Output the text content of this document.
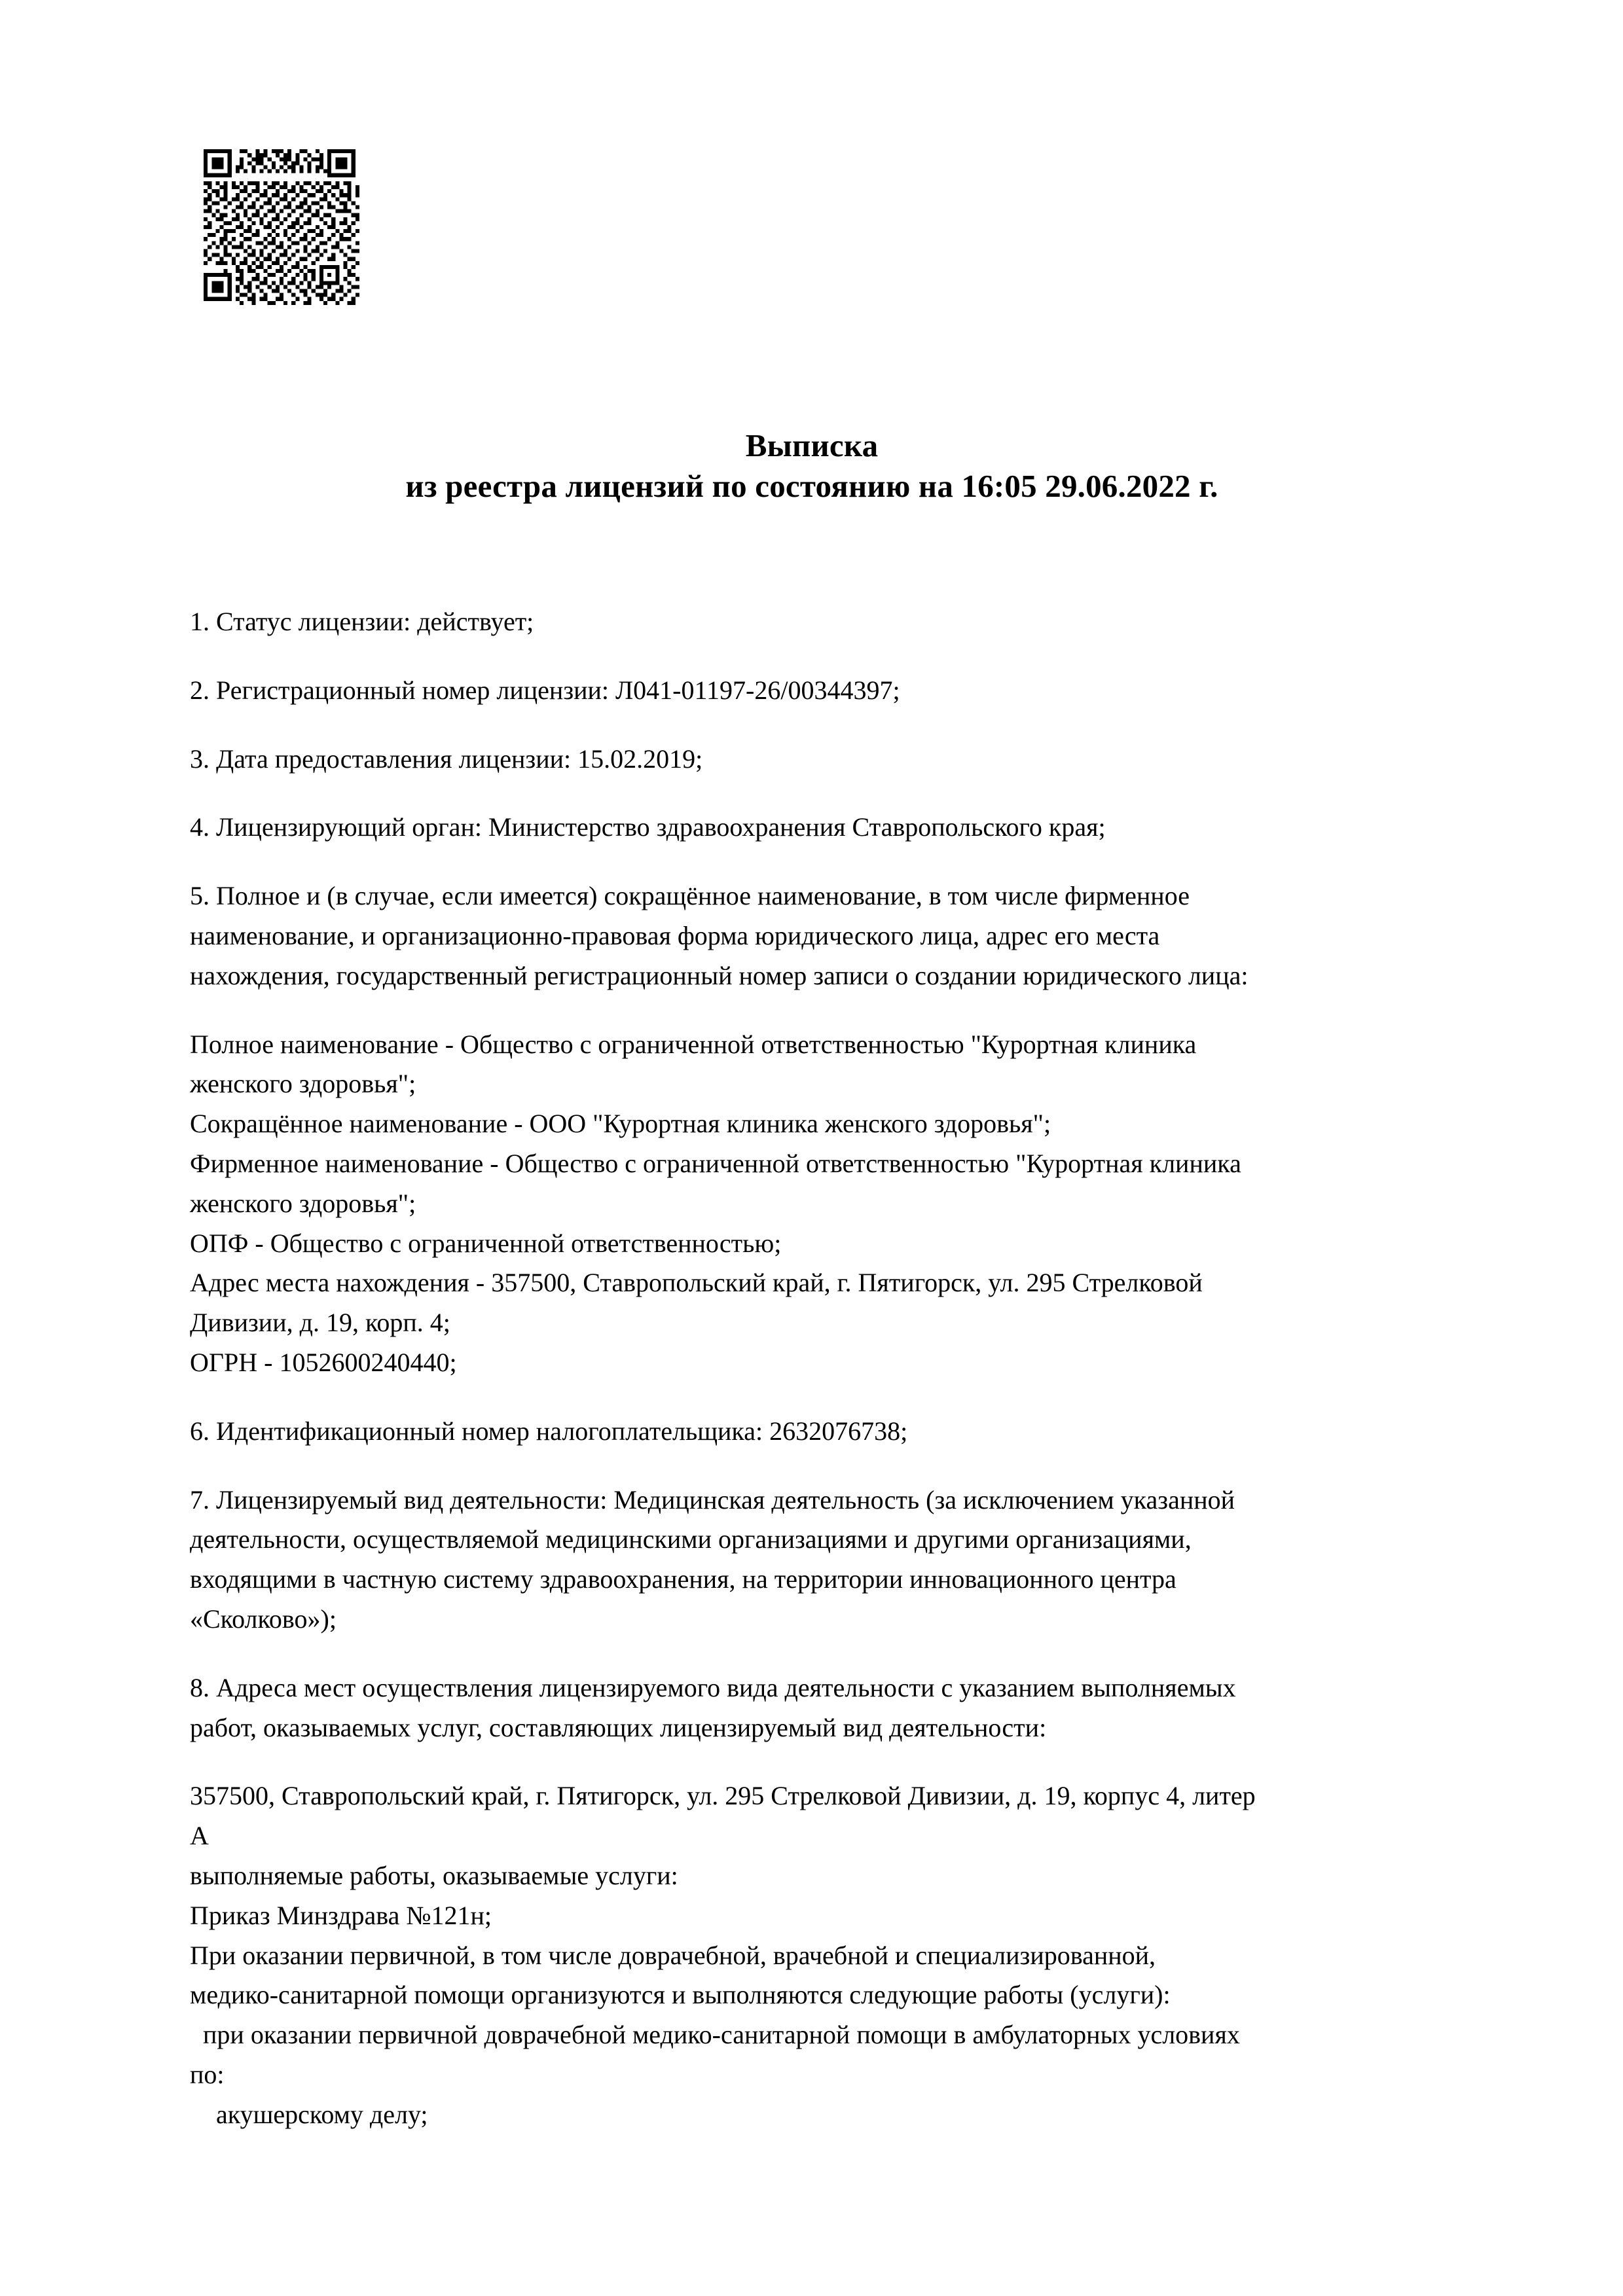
Выписка
из реестра лицензий по состоянию на 16:05 29.06.2022 г.
1. Статус лицензии: действует;
2. Регистрационный номер лицензии: Л041-01197-26/00344397;
3. Дата предоставления лицензии: 15.02.2019;
4. Лицензирующий орган: Министерство здравоохранения Ставропольского края;
5. Полное и (в случае, если имеется) сокращённое наименование, в том числе фирменное
наименование, и организационно-правовая форма юридического лица, адрес его места
нахождения, государственный регистрационный номер записи о создании юридического лица:
Полное наименование - Общество с ограниченной ответственностью "Курортная клиника
женского здоровья";
Сокращённое наименование - ООО "Курортная клиника женского здоровья";
Фирменное наименование - Общество с ограниченной ответственностью "Курортная клиника
женского здоровья";
ОПФ - Общество с ограниченной ответственностью;
Адрес места нахождения - 357500, Ставропольский край, г. Пятигорск, ул. 295 Стрелковой
Дивизии, д. 19, корп. 4;
ОГРН - 1052600240440;
6. Идентификационный номер налогоплательщика: 2632076738;
7. Лицензируемый вид деятельности: Медицинская деятельность (за исключением указанной
деятельности, осуществляемой медицинскими организациями и другими организациями,
входящими в частную систему здравоохранения, на территории инновационного центра
«Сколково»);
8. Адреса мест осуществления лицензируемого вида деятельности с указанием выполняемых
работ, оказываемых услуг, составляющих лицензируемый вид деятельности:
357500, Ставропольский край, г. Пятигорск, ул. 295 Стрелковой Дивизии, д. 19, корпус 4, литер
А
выполняемые работы, оказываемые услуги:
Приказ Минздрава №121н;
При оказании первичной, в том числе доврачебной, врачебной и специализированной,
медико-санитарной помощи организуются и выполняются следующие работы (услуги):
при оказании первичной доврачебной медико-санитарной помощи в амбулаторных условиях
по:
акушерскому делу;
